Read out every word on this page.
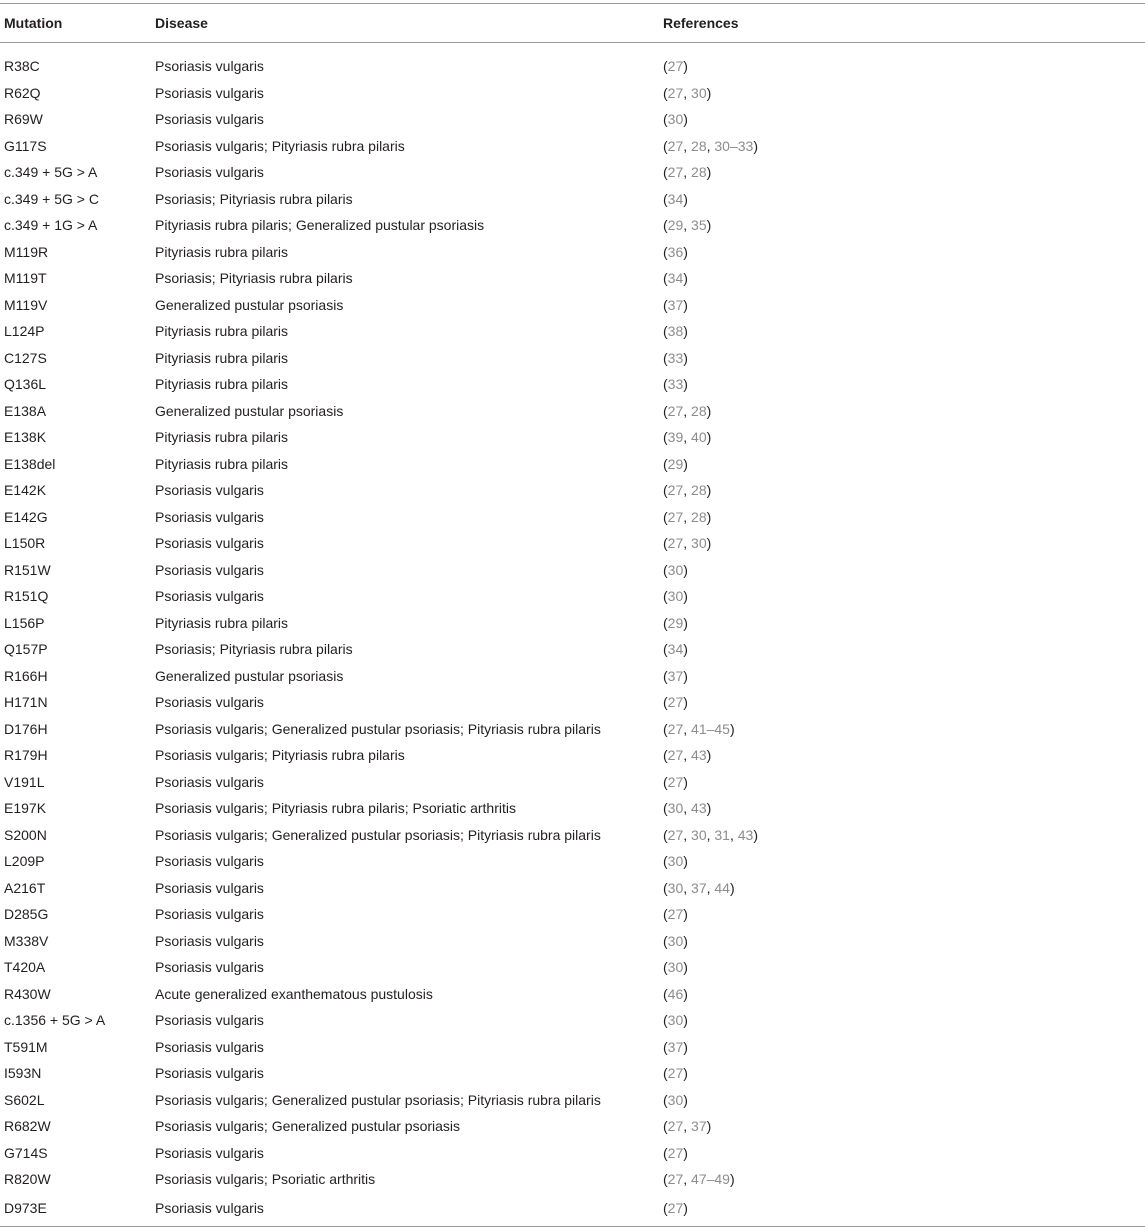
Mutation	Disease	References
R38C	Psoriasis vulgaris	(27)
R62Q	Psoriasis vulgaris	(27, 30)
R69W	Psoriasis vulgaris	(30)
G117S	Psoriasis vulgaris; Pityriasis rubra pilaris	(27, 28, 30–33)
c.349 + 5G > A	Psoriasis vulgaris	(27, 28)
c.349 + 5G > C	Psoriasis; Pityriasis rubra pilaris	(34)
c.349 + 1G > A	Pityriasis rubra pilaris; Generalized pustular psoriasis	(29, 35)
M119R	Pityriasis rubra pilaris	(36)
M119T	Psoriasis; Pityriasis rubra pilaris	(34)
M119V	Generalized pustular psoriasis	(37)
L124P	Pityriasis rubra pilaris	(38)
C127S	Pityriasis rubra pilaris	(33)
Q136L	Pityriasis rubra pilaris	(33)
E138A	Generalized pustular psoriasis	(27, 28)
E138K	Pityriasis rubra pilaris	(39, 40)
E138del	Pityriasis rubra pilaris	(29)
E142K	Psoriasis vulgaris	(27, 28)
E142G	Psoriasis vulgaris	(27, 28)
L150R	Psoriasis vulgaris	(27, 30)
R151W	Psoriasis vulgaris	(30)
R151Q	Psoriasis vulgaris	(30)
L156P	Pityriasis rubra pilaris	(29)
Q157P	Psoriasis; Pityriasis rubra pilaris	(34)
R166H	Generalized pustular psoriasis	(37)
H171N	Psoriasis vulgaris	(27)
D176H	Psoriasis vulgaris; Generalized pustular psoriasis; Pityriasis rubra pilaris	(27, 41–45)
R179H	Psoriasis vulgaris; Pityriasis rubra pilaris	(27, 43)
V191L	Psoriasis vulgaris	(27)
E197K	Psoriasis vulgaris; Pityriasis rubra pilaris; Psoriatic arthritis	(30, 43)
S200N	Psoriasis vulgaris; Generalized pustular psoriasis; Pityriasis rubra pilaris	(27, 30, 31, 43)
L209P	Psoriasis vulgaris	(30)
A216T	Psoriasis vulgaris	(30, 37, 44)
D285G	Psoriasis vulgaris	(27)
M338V	Psoriasis vulgaris	(30)
T420A	Psoriasis vulgaris	(30)
R430W	Acute generalized exanthematous pustulosis	(46)
c.1356 + 5G > A	Psoriasis vulgaris	(30)
T591M	Psoriasis vulgaris	(37)
I593N	Psoriasis vulgaris	(27)
S602L	Psoriasis vulgaris; Generalized pustular psoriasis; Pityriasis rubra pilaris	(30)
R682W	Psoriasis vulgaris; Generalized pustular psoriasis	(27, 37)
G714S	Psoriasis vulgaris	(27)
R820W	Psoriasis vulgaris; Psoriatic arthritis	(27, 47–49)
D973E	Psoriasis vulgaris	(27)
